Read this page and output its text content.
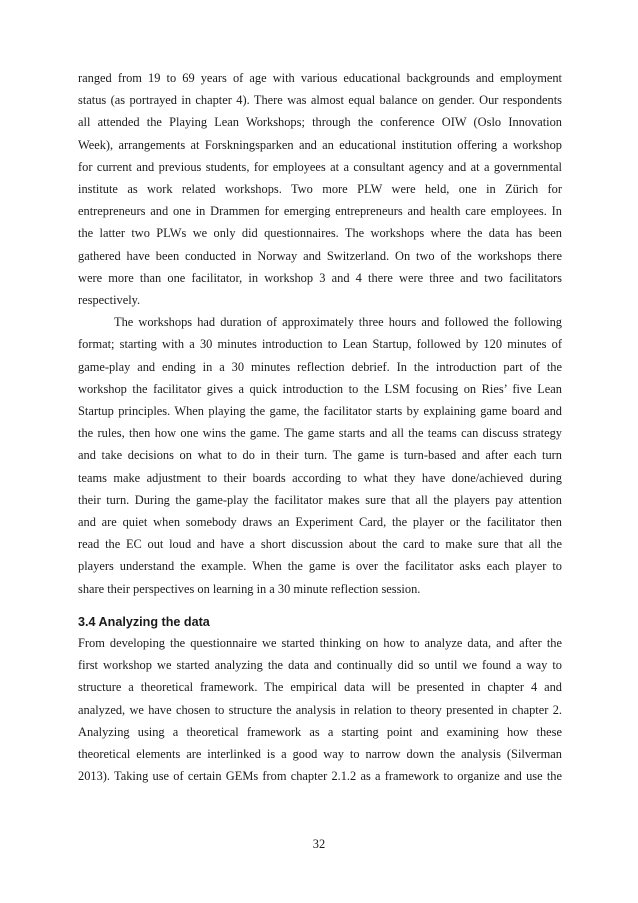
ranged from 19 to 69 years of age with various educational backgrounds and employment
status (as portrayed in chapter 4). There was almost equal balance on gender. Our respondents
all attended the Playing Lean Workshops; through the conference OIW (Oslo Innovation
Week), arrangements at Forskningsparken and an educational institution offering a workshop
for current and previous students, for employees at a consultant agency and at a governmental
institute as work related workshops. Two more PLW were held, one in Zürich for
entrepreneurs and one in Drammen for emerging entrepreneurs and health care employees. In
the latter two PLWs we only did questionnaires. The workshops where the data has been
gathered have been conducted in Norway and Switzerland. On two of the workshops there
were more than one facilitator, in workshop 3 and 4 there were three and two facilitators
respectively.

The workshops had duration of approximately three hours and followed the following
format; starting with a 30 minutes introduction to Lean Startup, followed by 120 minutes of
game-play and ending in a 30 minutes reflection debrief. In the introduction part of the
workshop the facilitator gives a quick introduction to the LSM focusing on Ries’ five Lean
Startup principles. When playing the game, the facilitator starts by explaining game board and
the rules, then how one wins the game. The game starts and all the teams can discuss strategy
and take decisions on what to do in their turn. The game is turn-based and after each turn
teams make adjustment to their boards according to what they have done/achieved during
their turn. During the game-play the facilitator makes sure that all the players pay attention
and are quiet when somebody draws an Experiment Card, the player or the facilitator then
read the EC out loud and have a short discussion about the card to make sure that all the
players understand the example. When the game is over the facilitator asks each player to
share their perspectives on learning in a 30 minute reflection session.

3.4 Analyzing the data

From developing the questionnaire we started thinking on how to analyze data, and after the
first workshop we started analyzing the data and continually did so until we found a way to
structure a theoretical framework. The empirical data will be presented in chapter 4 and
analyzed, we have chosen to structure the analysis in relation to theory presented in chapter 2.
Analyzing using a theoretical framework as a starting point and examining how these
theoretical elements are interlinked is a good way to narrow down the analysis (Silverman
2013). Taking use of certain GEMs from chapter 2.1.2 as a framework to organize and use the

32
